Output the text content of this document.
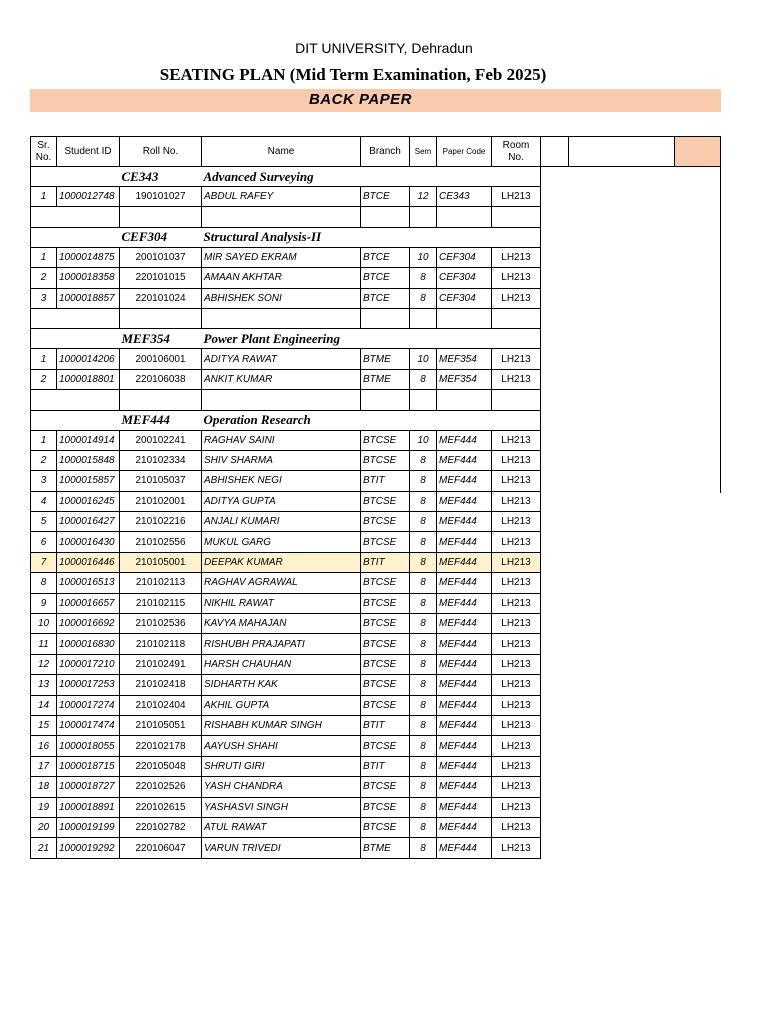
DIT UNIVERSITY, Dehradun
SEATING PLAN (Mid Term Examination, Feb 2025)
BACK PAPER
Sr. No.	Student ID	Roll No.	Name	Branch	Sem	Paper Code	Room No.			
		CE343	Advanced Surveying							
1	1000012748	190101027	ABDUL RAFEY	BTCE	12	CE343	LH213			

		CEF304	Structural Analysis-II							
1	1000014875	200101037	MIR SAYED EKRAM	BTCE	10	CEF304	LH213			
2	1000018358	220101015	AMAAN AKHTAR	BTCE	8	CEF304	LH213			
3	1000018857	220101024	ABHISHEK SONI	BTCE	8	CEF304	LH213			

		MEF354	Power Plant Engineering							
1	1000014206	200106001	ADITYA RAWAT	BTME	10	MEF354	LH213			
2	1000018801	220106038	ANKIT KUMAR	BTME	8	MEF354	LH213			

		MEF444	Operation Research							
1	1000014914	200102241	RAGHAV SAINI	BTCSE	10	MEF444	LH213			
2	1000015848	210102334	SHIV SHARMA	BTCSE	8	MEF444	LH213			
3	1000015857	210105037	ABHISHEK NEGI	BTIT	8	MEF444	LH213			
4	1000016245	210102001	ADITYA GUPTA	BTCSE	8	MEF444	LH213			
5	1000016427	210102216	ANJALI KUMARI	BTCSE	8	MEF444	LH213			
6	1000016430	210102556	MUKUL GARG	BTCSE	8	MEF444	LH213			
7	1000016446	210105001	DEEPAK KUMAR	BTIT	8	MEF444	LH213			
8	1000016513	210102113	RAGHAV AGRAWAL	BTCSE	8	MEF444	LH213			
9	1000016657	210102115	NIKHIL RAWAT	BTCSE	8	MEF444	LH213			
10	1000016692	210102536	KAVYA MAHAJAN	BTCSE	8	MEF444	LH213			
11	1000016830	210102118	RISHUBH PRAJAPATI	BTCSE	8	MEF444	LH213			
12	1000017210	210102491	HARSH CHAUHAN	BTCSE	8	MEF444	LH213			
13	1000017253	210102418	SIDHARTH KAK	BTCSE	8	MEF444	LH213			
14	1000017274	210102404	AKHIL GUPTA	BTCSE	8	MEF444	LH213			
15	1000017474	210105051	RISHABH KUMAR SINGH	BTIT	8	MEF444	LH213			
16	1000018055	220102178	AAYUSH SHAHI	BTCSE	8	MEF444	LH213			
17	1000018715	220105048	SHRUTI GIRI	BTIT	8	MEF444	LH213			
18	1000018727	220102526	YASH CHANDRA	BTCSE	8	MEF444	LH213			
19	1000018891	220102615	YASHASVI SINGH	BTCSE	8	MEF444	LH213			
20	1000019199	220102782	ATUL RAWAT	BTCSE	8	MEF444	LH213			
21	1000019292	220106047	VARUN TRIVEDI	BTME	8	MEF444	LH213			
